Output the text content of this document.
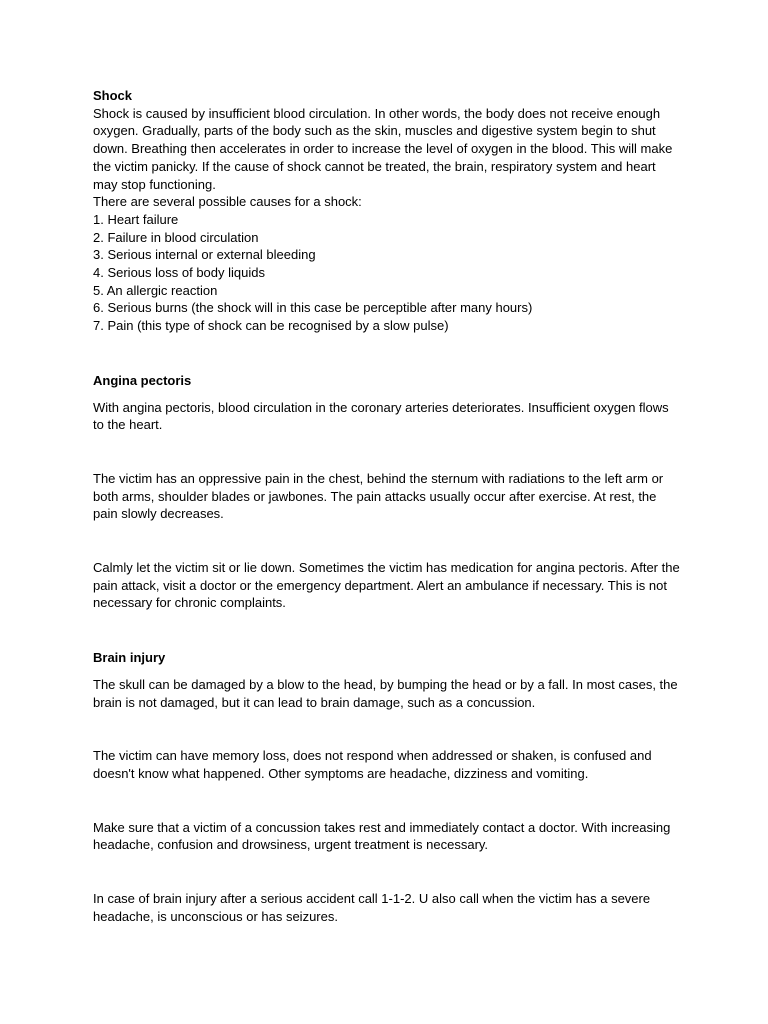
Shock

Shock is caused by insufficient blood circulation. In other words, the body does not receive enough oxygen. Gradually, parts of the body such as the skin, muscles and digestive system begin to shut down. Breathing then accelerates in order to increase the level of oxygen in the blood. This will make the victim panicky. If the cause of shock cannot be treated, the brain, respiratory system and heart may stop functioning.

There are several possible causes for a shock:

1. Heart failure
2. Failure in blood circulation
3. Serious internal or external bleeding
4. Serious loss of body liquids
5. An allergic reaction
6. Serious burns (the shock will in this case be perceptible after many hours)
7. Pain (this type of shock can be recognised by a slow pulse)
Angina pectoris

With angina pectoris, blood circulation in the coronary arteries deteriorates. Insufficient oxygen flows to the heart.

The victim has an oppressive pain in the chest, behind the sternum with radiations to the left arm or both arms, shoulder blades or jawbones. The pain attacks usually occur after exercise. At rest, the pain slowly decreases.

Calmly let the victim sit or lie down. Sometimes the victim has medication for angina pectoris. After the pain attack, visit a doctor or the emergency department. Alert an ambulance if necessary. This is not necessary for chronic complaints.

Brain injury

The skull can be damaged by a blow to the head, by bumping the head or by a fall. In most cases, the brain is not damaged, but it can lead to brain damage, such as a concussion.

The victim can have memory loss, does not respond when addressed or shaken, is confused and doesn't know what happened. Other symptoms are headache, dizziness and vomiting.

Make sure that a victim of a concussion takes rest and immediately contact a doctor. With increasing headache, confusion and drowsiness, urgent treatment is necessary.

In case of brain injury after a serious accident call 1-1-2. U also call when the victim has a severe headache, is unconscious or has seizures.
